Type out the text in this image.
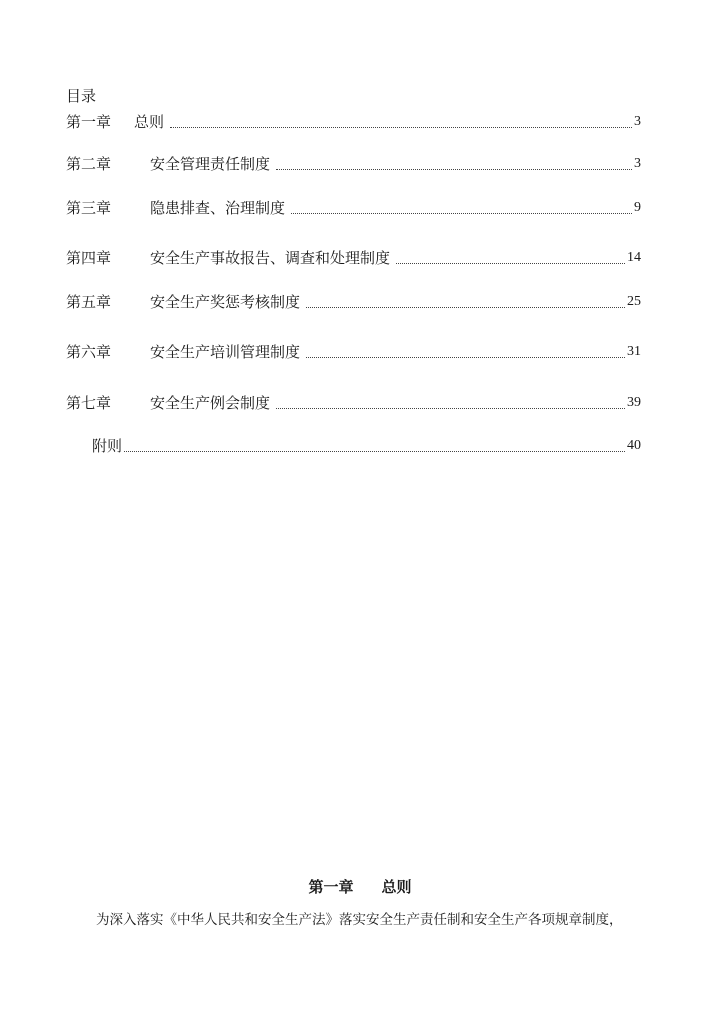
目录
第一章	总则	3
第二章	安全管理责任制度	3
第三章	隐患排查、治理制度	9
第四章	安全生产事故报告、调查和处理制度	14
第五章	安全生产奖惩考核制度	25
第六章	安全生产培训管理制度	31
第七章	安全生产例会制度	39
附则	40
第一章 总则
为深入落实《中华人民共和安全生产法》落实安全生产责任制和安全生产各项规章制度，
